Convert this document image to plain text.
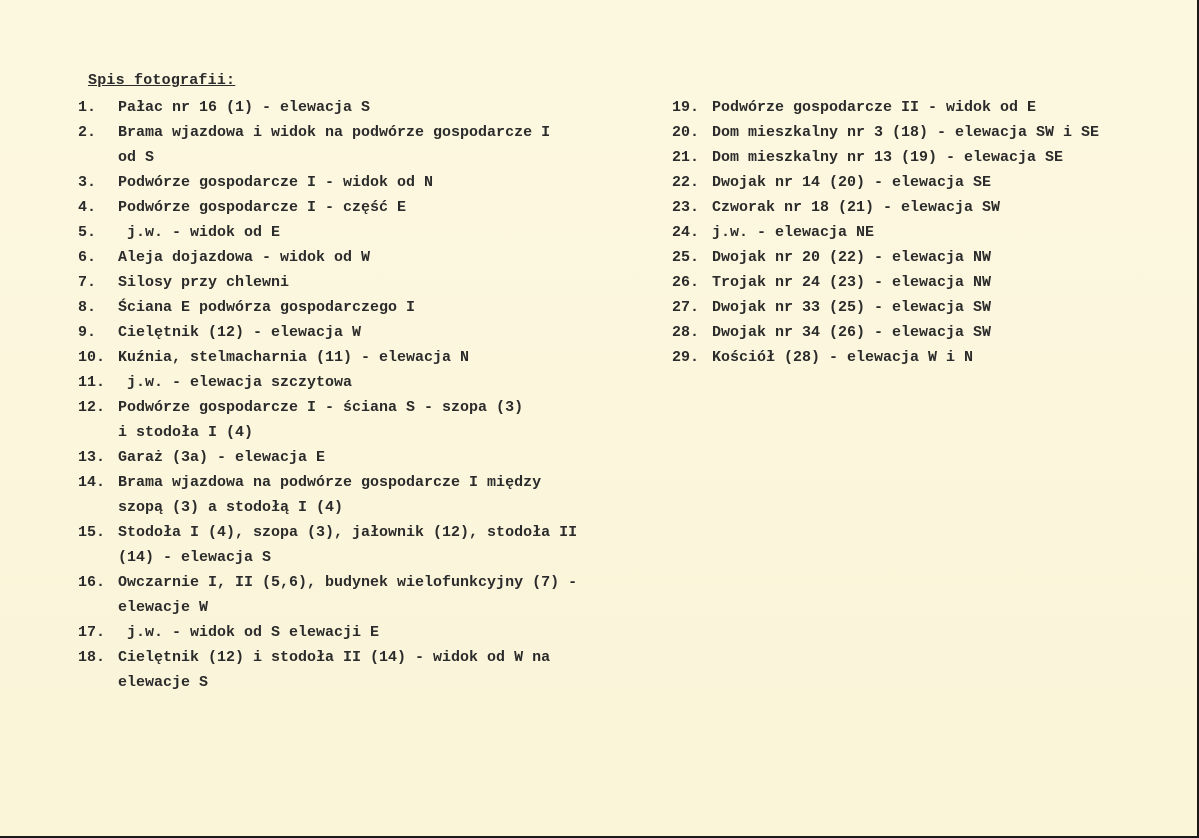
Spis fotografii:

1.	Pałac nr 16 (1) - elewacja S
2.	Brama wjazdowa i widok na podwórze gospodarcze I
od S
3.	Podwórze gospodarcze I - widok od N
4.	Podwórze gospodarcze I - część E
5.	j.w. - widok od E
6.	Aleja dojazdowa - widok od W
7.	Silosy przy chlewni
8.	Ściana E podwórza gospodarczego I
9.	Cielętnik (12) - elewacja W
10. Kuźnia, stelmacharnia (11) - elewacja N
11. j.w. - elewacja szczytowa
12. Podwórze gospodarcze I - ściana S - szopa (3)
i stodoła I (4)
13. Garaż (3a) - elewacja E
14. Brama wjazdowa na podwórze gospodarcze I między
szopą (3) a stodołą I (4)
15. Stodoła I (4), szopa (3), jałownik (12), stodoła II
(14) - elewacja S
16. Owczarnie I, II (5,6), budynek wielofunkcyjny (7) -
elewacje W
17. j.w. - widok od S elewacji E
18. Cielętnik (12) i stodoła II (14) - widok od W na
elewacje S
19. Podwórze gospodarcze II - widok od E
20. Dom mieszkalny nr 3 (18) - elewacja SW i SE
21. Dom mieszkalny nr 13 (19) - elewacja SE
22. Dwojak nr 14 (20) - elewacja SE
23. Czworak nr 18 (21) - elewacja SW
24. j.w. - elewacja NE
25. Dwojak nr 20 (22) - elewacja NW
26. Trojak nr 24 (23) - elewacja NW
27. Dwojak nr 33 (25) - elewacja SW
28. Dwojak nr 34 (26) - elewacja SW
29. Kościół (28) - elewacja W i N
